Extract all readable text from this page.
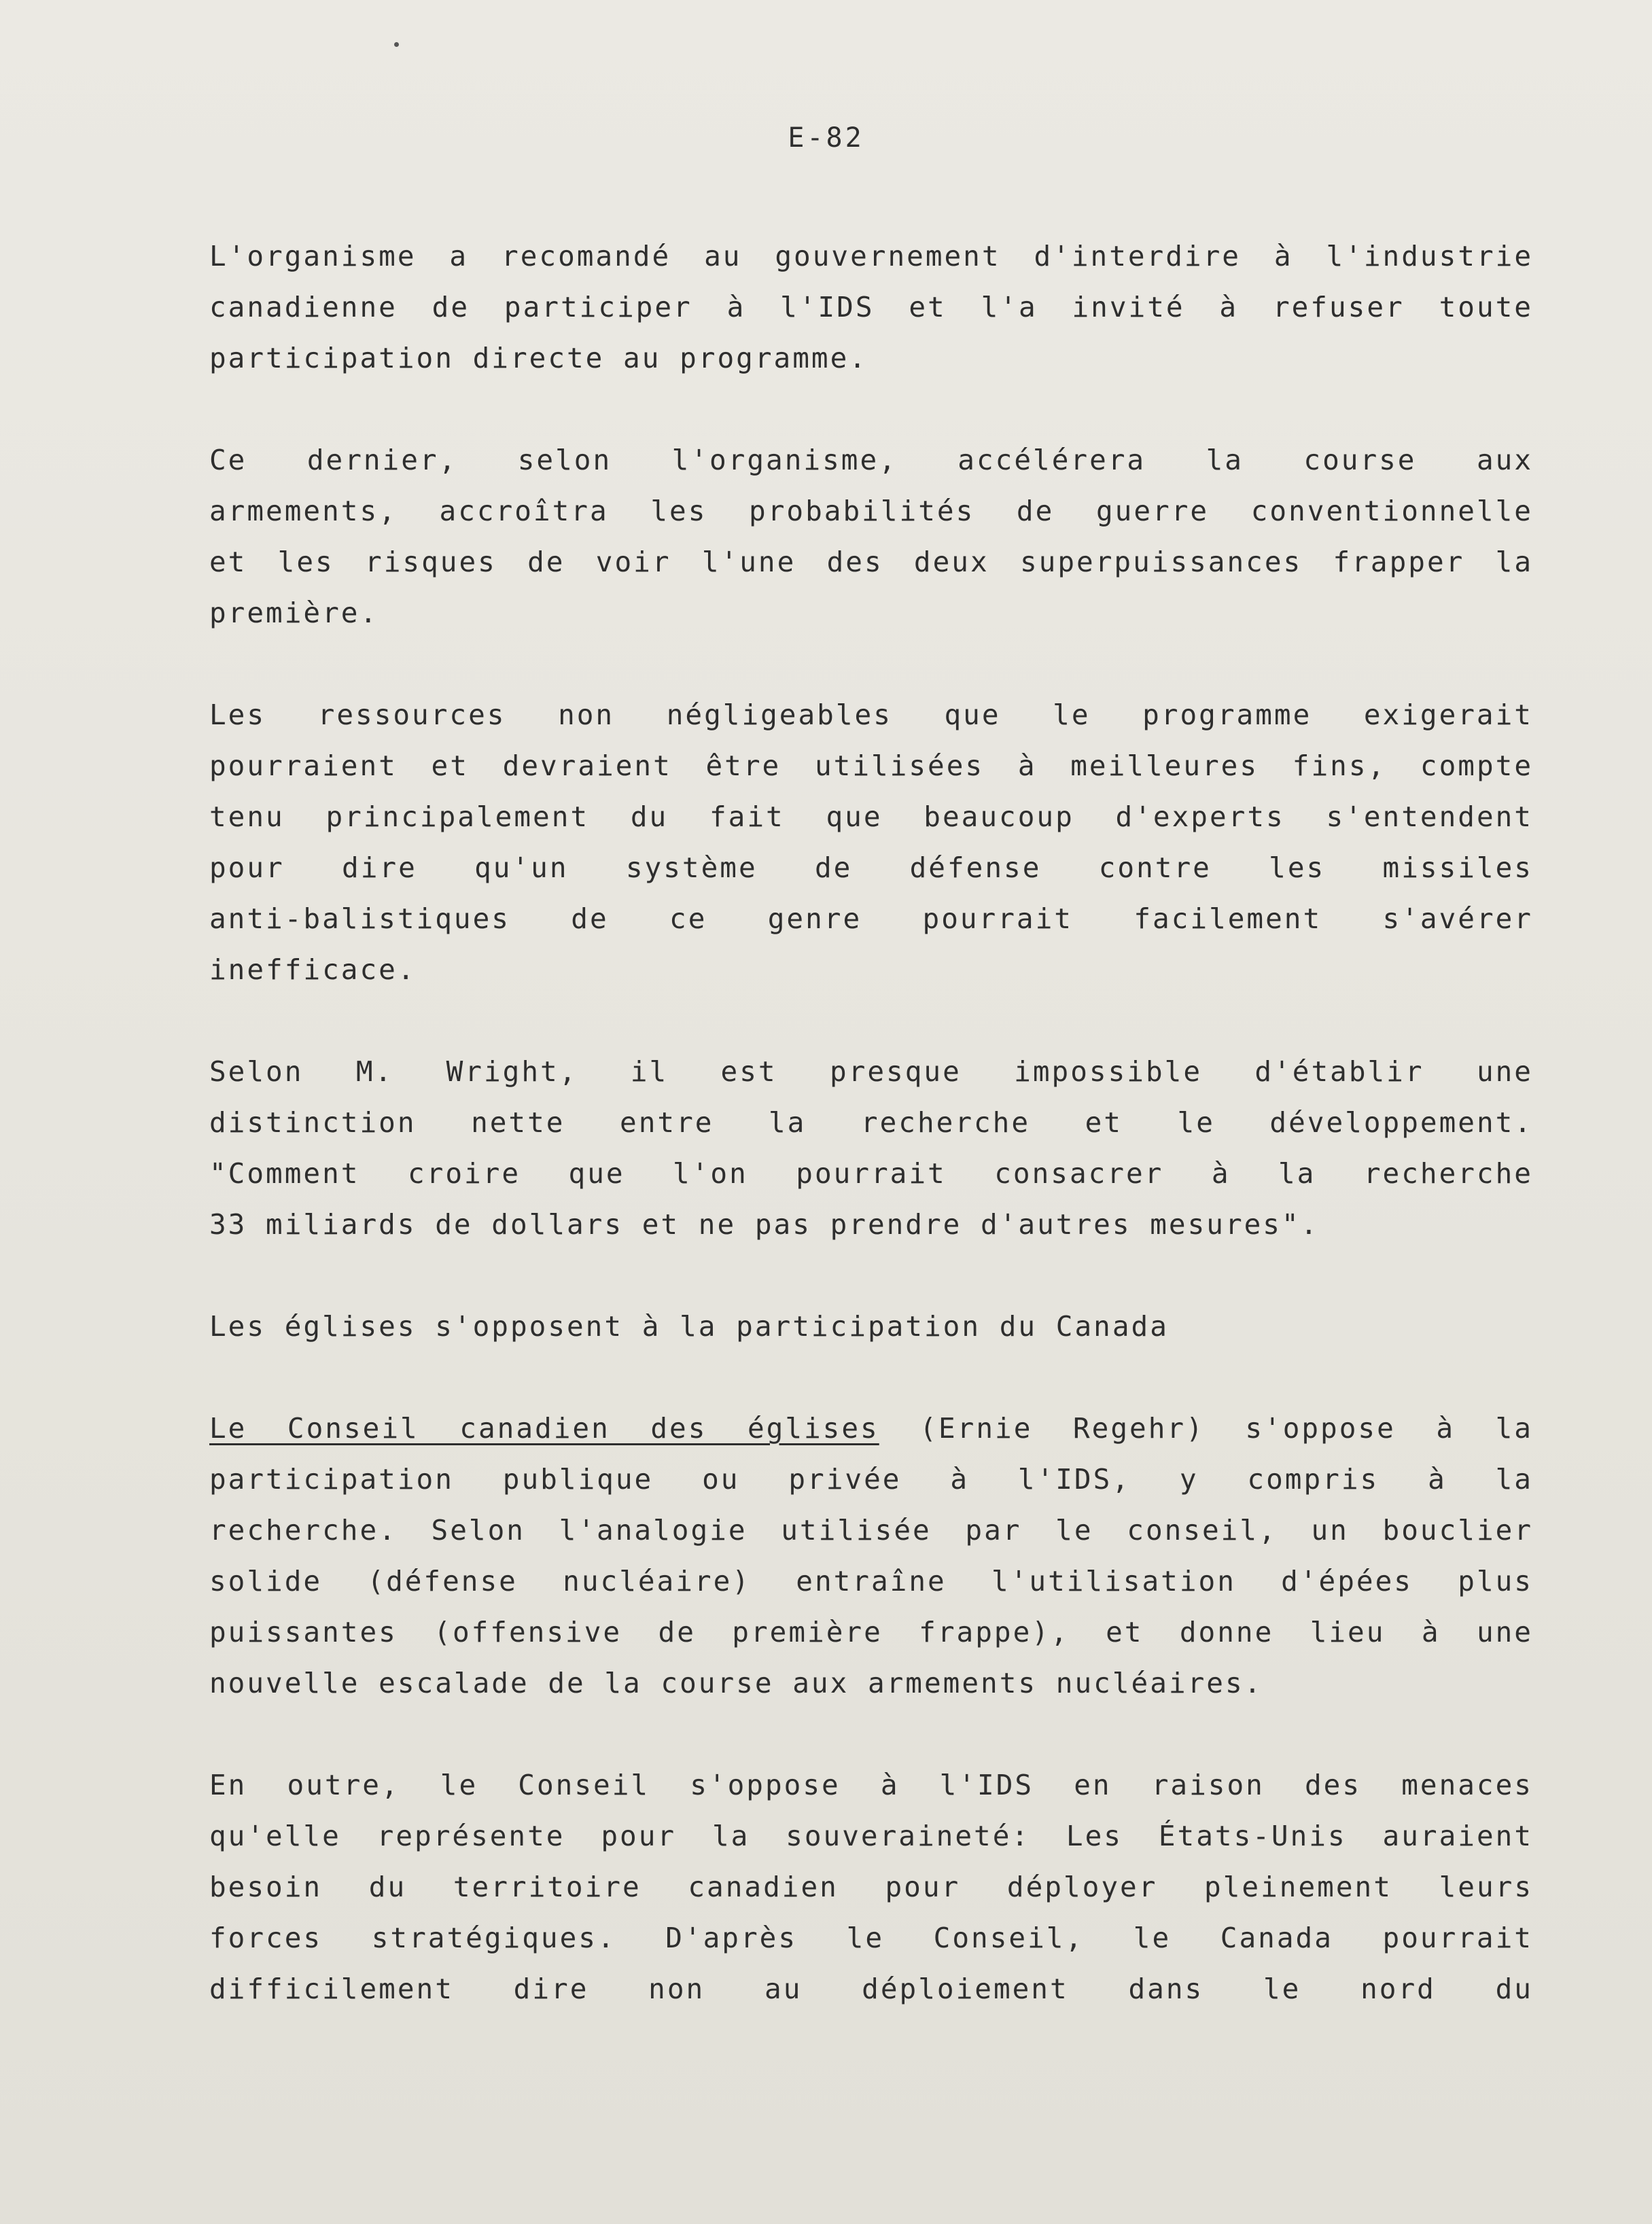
E-82
L'organisme a recomandé au gouvernement d'interdire à l'industrie
canadienne de participer à l'IDS et l'a invité à refuser toute
participation directe au programme.
Ce dernier, selon l'organisme, accélérera la course aux
armements, accroîtra les probabilités de guerre conventionnelle
et les risques de voir l'une des deux superpuissances frapper la
première.
Les ressources non négligeables que le programme exigerait
pourraient et devraient être utilisées à meilleures fins, compte
tenu principalement du fait que beaucoup d'experts s'entendent
pour dire qu'un système de défense contre les missiles
anti-balistiques de ce genre pourrait facilement s'avérer
inefficace.
Selon M. Wright, il est presque impossible d'établir une
distinction nette entre la recherche et le développement.
"Comment croire que l'on pourrait consacrer à la recherche
33 miliards de dollars et ne pas prendre d'autres mesures".
Les églises s'opposent à la participation du Canada
Le Conseil canadien des églises (Ernie Regehr) s'oppose à la
participation publique ou privée à l'IDS, y compris à la
recherche. Selon l'analogie utilisée par le conseil, un bouclier
solide (défense nucléaire) entraîne l'utilisation d'épées plus
puissantes (offensive de première frappe), et donne lieu à une
nouvelle escalade de la course aux armements nucléaires.
En outre, le Conseil s'oppose à l'IDS en raison des menaces
qu'elle représente pour la souveraineté: Les États-Unis auraient
besoin du territoire canadien pour déployer pleinement leurs
forces stratégiques. D'après le Conseil, le Canada pourrait
difficilement dire non au déploiement dans le nord du
